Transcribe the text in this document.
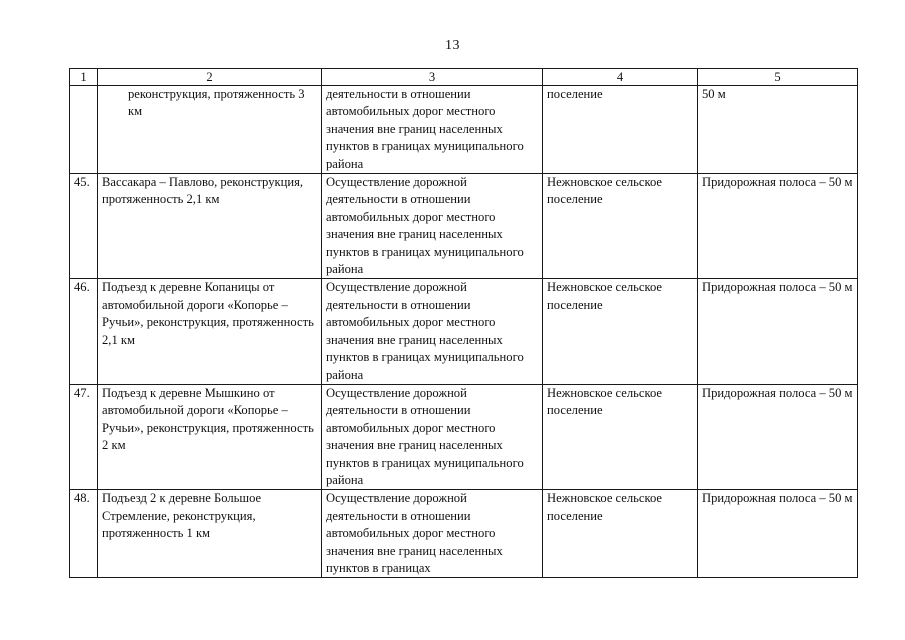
13
1	2	3	4	5
	реконструкция, протяженность 3 км	деятельности в отношении автомобильных дорог местного значения вне границ населенных пунктов в границах муниципального района	поселение	50 м
45.	Вассакара – Павлово, реконструкция, протяженность 2,1 км	Осуществление дорожной деятельности в отношении автомобильных дорог местного значения вне границ населенных пунктов в границах муниципального района	Нежновское сельское поселение	Придорожная полоса – 50 м
46.	Подъезд к деревне Копаницы от автомобильной дороги «Копорье – Ручьи», реконструкция, протяженность 2,1 км	Осуществление дорожной деятельности в отношении автомобильных дорог местного значения вне границ населенных пунктов в границах муниципального района	Нежновское сельское поселение	Придорожная полоса – 50 м
47.	Подъезд к деревне Мышкино от автомобильной дороги «Копорье – Ручьи», реконструкция, протяженность 2 км	Осуществление дорожной деятельности в отношении автомобильных дорог местного значения вне границ населенных пунктов в границах муниципального района	Нежновское сельское поселение	Придорожная полоса – 50 м
48.	Подъезд 2 к деревне Большое Стремление, реконструкция, протяженность 1 км	Осуществление дорожной деятельности в отношении автомобильных дорог местного значения вне границ населенных пунктов в границах	Нежновское сельское поселение	Придорожная полоса – 50 м
